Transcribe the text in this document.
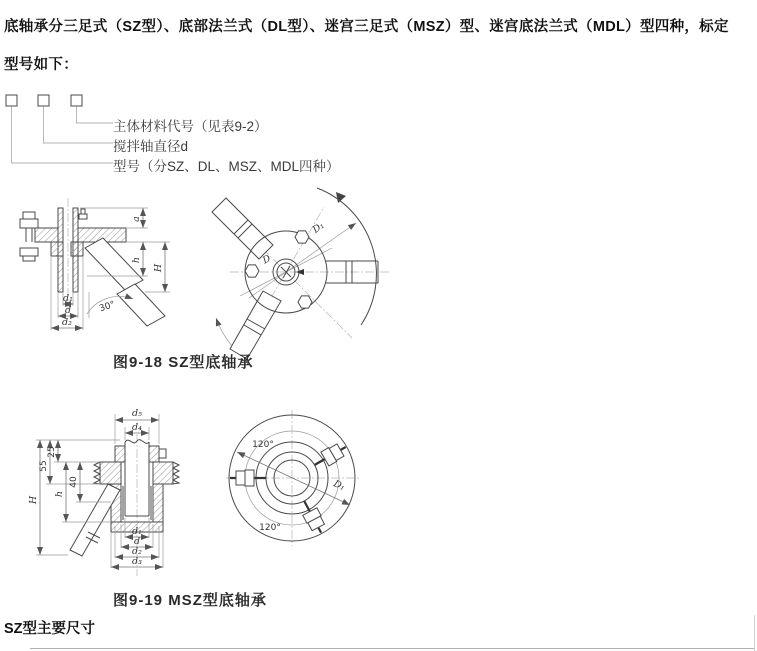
底轴承分三足式（SZ型）、底部法兰式（DL型）、迷宫三足式（MSZ）型、迷宫底法兰式（MDL）型四种，标定
型号如下：

主体材料代号（见表9-2）
搅拌轴直径d
型号（分SZ、DL、MSZ、MDL四种）
30°
a
h
H
d₁
d
d₂
D
D₁
图9-18 SZ型底轴承
d₅
d₄
25
55
40
h
H
d₁
d
d₂
d₃
D₁
120°
120°
图9-19 MSZ型底轴承
SZ型主要尺寸
